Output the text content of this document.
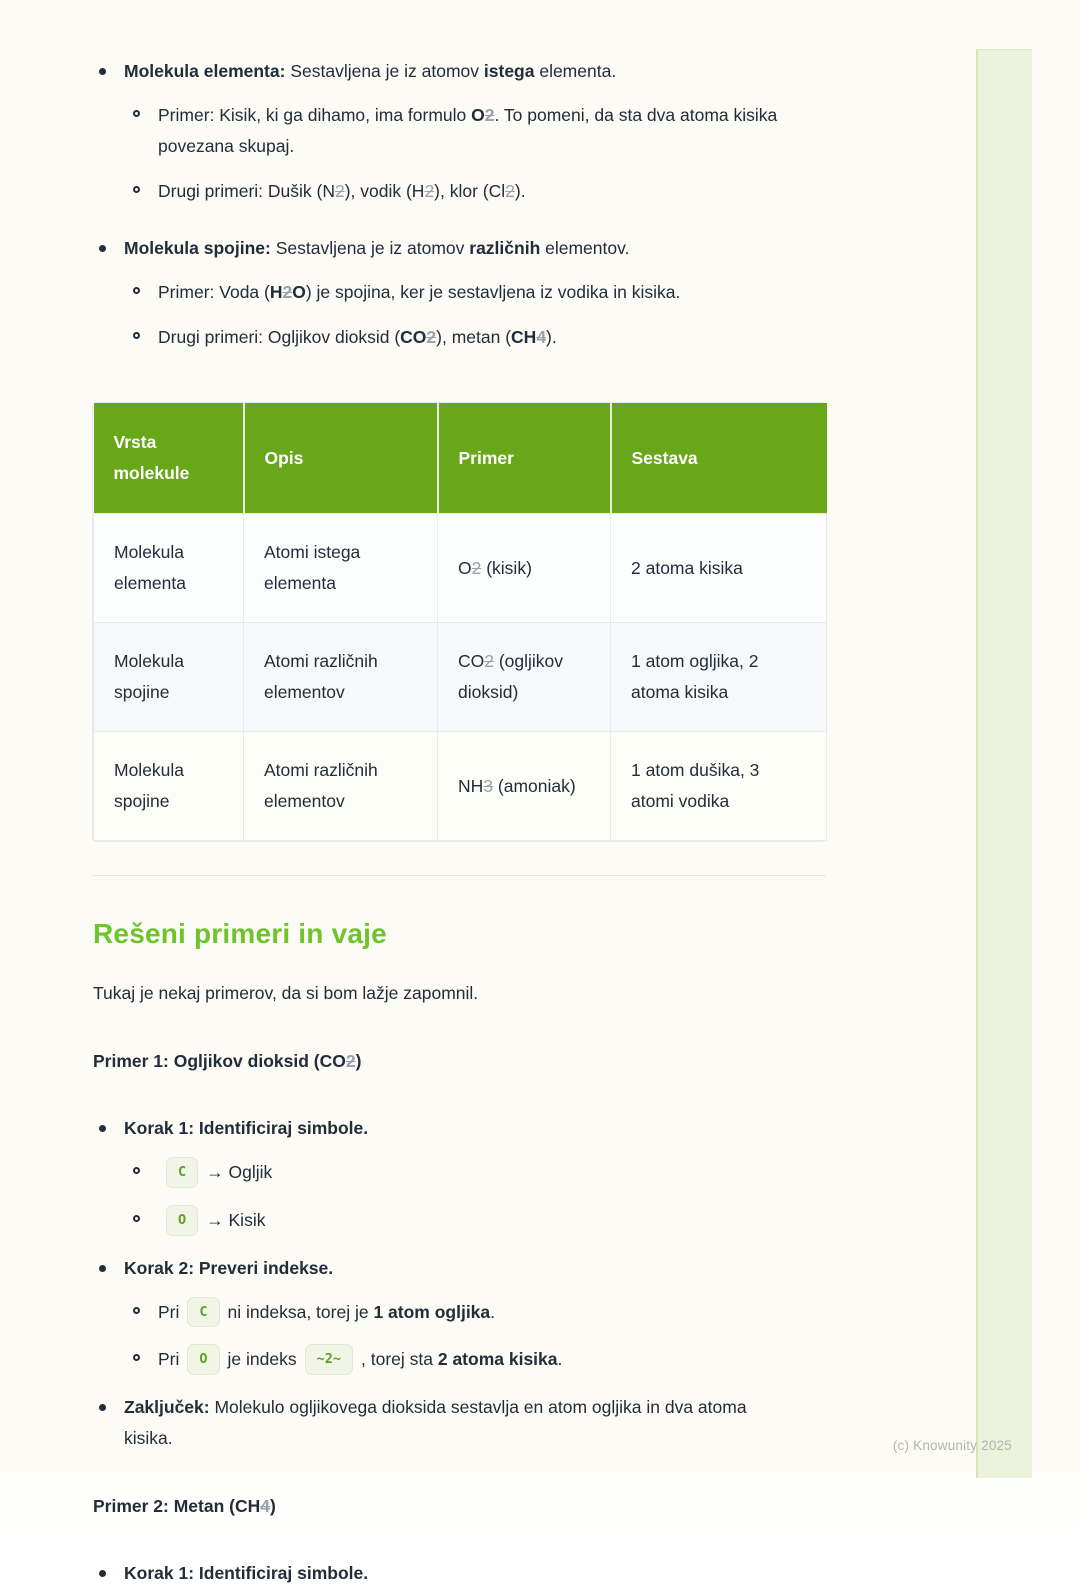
(c) Knowunity 2025
Molekula elementa: Sestavljena je iz atomov istega elementa.
Primer: Kisik, ki ga dihamo, ima formulo O2. To pomeni, da sta dva atoma kisika povezana skupaj.
Drugi primeri: Dušik (N2), vodik (H2), klor (Cl2).
Molekula spojine: Sestavljena je iz atomov različnih elementov.
Primer: Voda (H2O) je spojina, ker je sestavljena iz vodika in kisika.
Drugi primeri: Ogljikov dioksid (CO2), metan (CH4).
Vrsta molekule	Opis	Primer	Sestava
Molekula elementa	Atomi istega elementa	O2 (kisik)	2 atoma kisika
Molekula spojine	Atomi različnih elementov	CO2 (ogljikov dioksid)	1 atom ogljika, 2 atoma kisika
Molekula spojine	Atomi različnih elementov	NH3 (amoniak)	1 atom dušika, 3 atomi vodika
Rešeni primeri in vaje

Tukaj je nekaj primerov, da si bom lažje zapomnil.

Primer 1: Ogljikov dioksid (CO2)

Korak 1: Identificiraj simbole.
C → Ogljik
O → Kisik
Korak 2: Preveri indekse.
Pri C ni indeksa, torej je 1 atom ogljika.
Pri O je indeks ~2~ , torej sta 2 atoma kisika.
Zaključek: Molekulo ogljikovega dioksida sestavlja en atom ogljika in dva atoma kisika.

Primer 2: Metan (CH4)

Korak 1: Identificiraj simbole.
